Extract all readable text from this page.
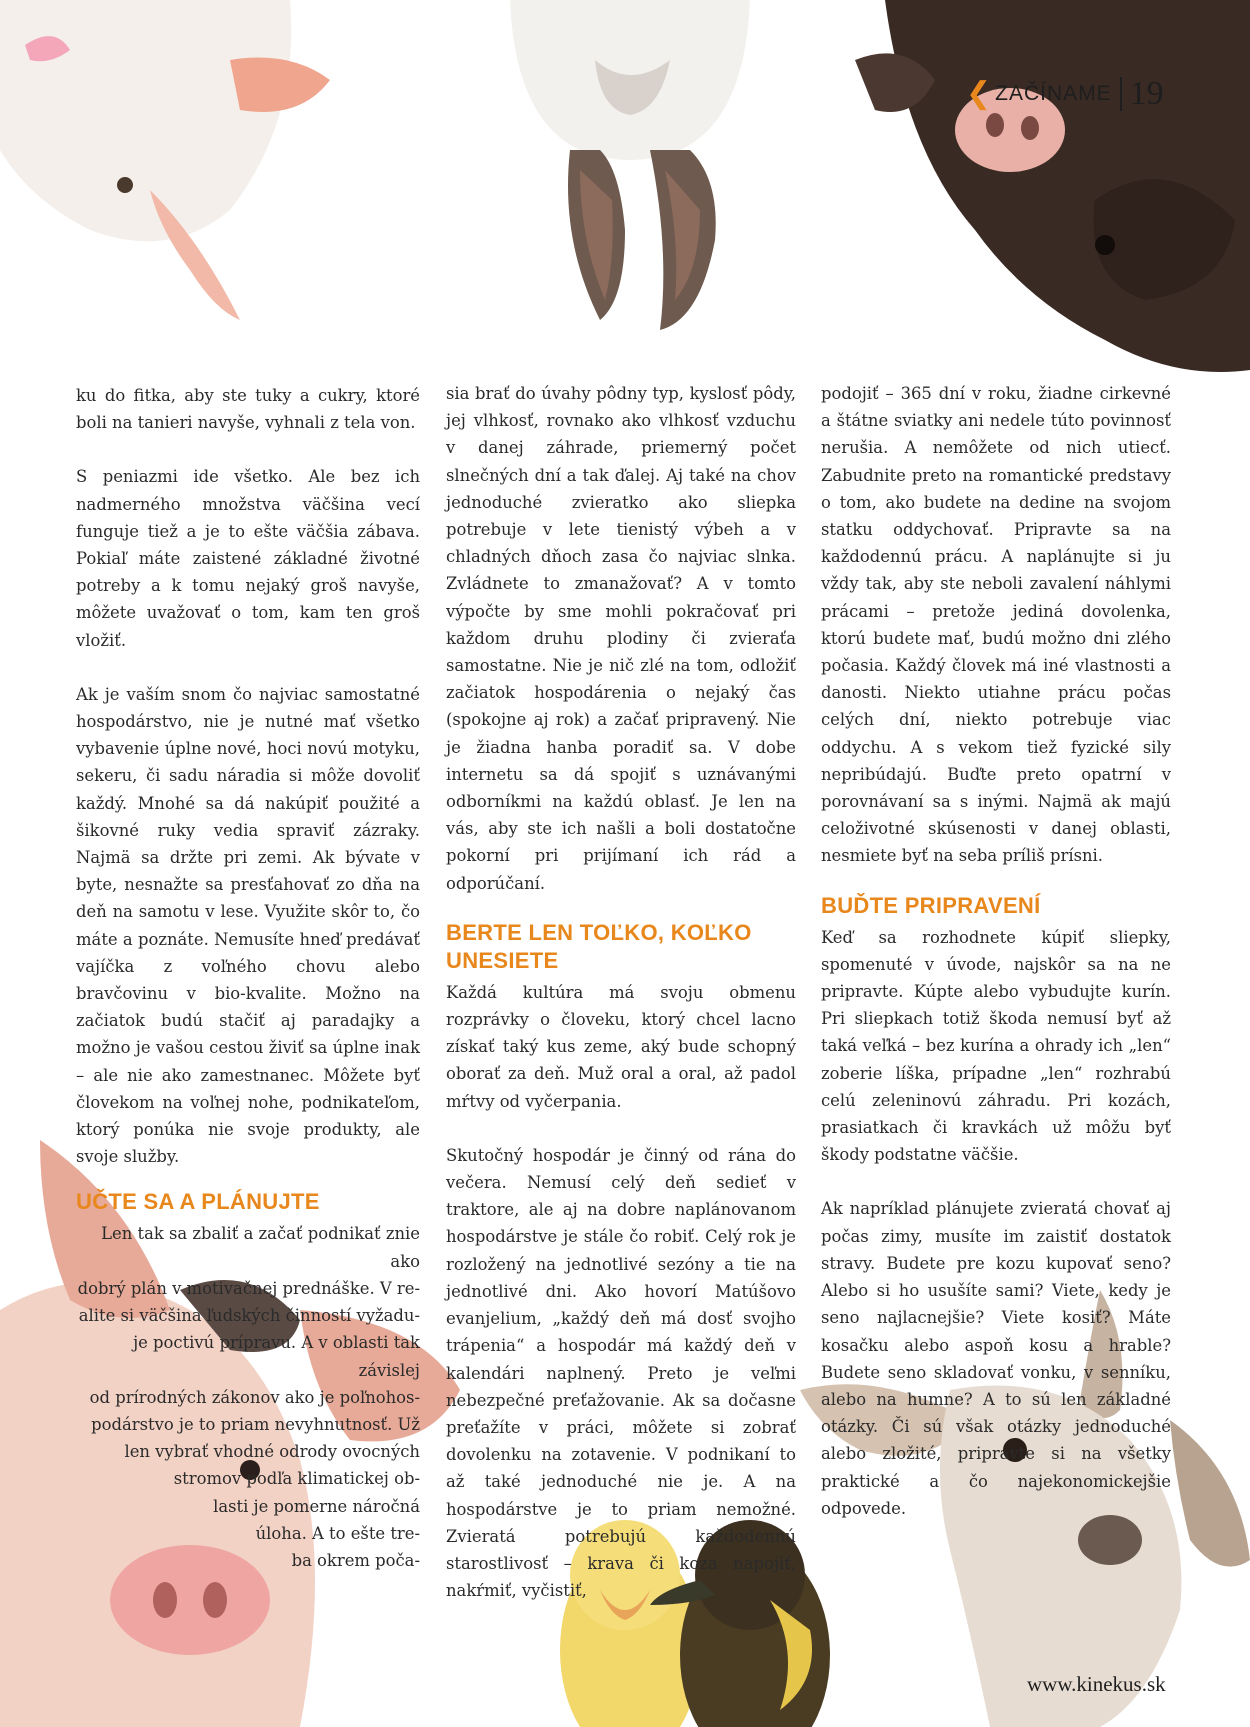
❮ ZAČÍNAME 19

ku do fitka, aby ste tuky a cukry, ktoré boli na tanieri navyše, vyhnali z tela von.

S peniazmi ide všetko. Ale bez ich nadmerného množstva väčšina vecí funguje tiež a je to ešte väčšia zábava. Pokiaľ máte zaistené základné životné potreby a k tomu nejaký groš navyše, môžete uvažovať o tom, kam ten groš vložiť.

Ak je vaším snom čo najviac samostatné hospodárstvo, nie je nutné mať všetko vybavenie úplne nové, hoci novú motyku, sekeru, či sadu náradia si môže dovoliť každý. Mnohé sa dá nakúpiť použité a šikovné ruky vedia spraviť zázraky. Najmä sa držte pri zemi. Ak bývate v byte, nesnažte sa presťahovať zo dňa na deň na samotu v lese. Využite skôr to, čo máte a poznáte. Nemusíte hneď predávať vajíčka z voľného chovu alebo bravčovinu v bio-kvalite. Možno na začiatok budú stačiť aj paradajky a možno je vašou cestou živiť sa úplne inak – ale nie ako zamestnanec. Môžete byť človekom na voľnej nohe, podnikateľom, ktorý ponúka nie svoje produkty, ale svoje služby.

UČTE SA A PLÁNUJTE
Len tak sa zbaliť a začať podnikať znie ako
dobrý plán v motivačnej prednáške. V re-
alite si väčšina ľudských činností vyžadu-
je poctivú prípravu. A v oblasti tak závislej
od prírodných zákonov ako je poľnohos-
podárstvo je to priam nevyhnutnosť. Už
len vybrať vhodné odrody ovocných
stromov podľa klimatickej ob-
lasti je pomerne náročná
úloha. A to ešte tre-
ba okrem poča-

sia brať do úvahy pôdny typ, kyslosť pôdy, jej vlhkosť, rovnako ako vlhkosť vzduchu v danej záhrade, priemerný počet slnečných dní a tak ďalej. Aj také na chov jednoduché zvieratko ako sliepka potrebuje v lete tienistý výbeh a v chladných dňoch zasa čo najviac slnka. Zvládnete to zmanažovať? A v tomto výpočte by sme mohli pokračovať pri každom druhu plodiny či zvieraťa samostatne. Nie je nič zlé na tom, odložiť začiatok hospodárenia o nejaký čas (spokojne aj rok) a začať pripravený. Nie je žiadna hanba poradiť sa. V dobe internetu sa dá spojiť s uznávanými odborníkmi na každú oblasť. Je len na vás, aby ste ich našli a boli dostatočne pokorní pri prijímaní ich rád a odporúčaní.

BERTE LEN TOĽKO, KOĽKO UNESIETE

Každá kultúra má svoju obmenu rozprávky o človeku, ktorý chcel lacno získať taký kus zeme, aký bude schopný oborať za deň. Muž oral a oral, až padol mŕtvy od vyčerpania.

Skutočný hospodár je činný od rána do večera. Nemusí celý deň sedieť v traktore, ale aj na dobre naplánovanom hospodárstve je stále čo robiť. Celý rok je rozložený na jednotlivé sezóny a tie na jednotlivé dni. Ako hovorí Matúšovo evanjelium, „každý deň má dosť svojho trápenia“ a hospodár má každý deň v kalendári naplnený. Preto je veľmi nebezpečné preťažovanie. Ak sa dočasne preťažíte v práci, môžete si zobrať dovolenku na zotavenie. V podnikaní to až také jednoduché nie je. A na hospodárstve je to priam nemožné. Zvieratá potrebujú každodennú starostlivosť – krava či koza napojiť, nakŕmiť, vyčistiť,

podojiť – 365 dní v roku, žiadne cirkevné a štátne sviatky ani nedele túto povinnosť nerušia. A nemôžete od nich utiecť. Zabudnite preto na romantické predstavy o tom, ako budete na dedine na svojom statku oddychovať. Pripravte sa na každodennú prácu. A naplánujte si ju vždy tak, aby ste neboli zavalení náhlymi prácami – pretože jediná dovolenka, ktorú budete mať, budú možno dni zlého počasia. Každý človek má iné vlastnosti a danosti. Niekto utiahne prácu počas celých dní, niekto potrebuje viac oddychu. A s vekom tiež fyzické sily nepribúdajú. Buďte preto opatrní v porovnávaní sa s inými. Najmä ak majú celoživotné skúsenosti v danej oblasti, nesmiete byť na seba príliš prísni.

BUĎTE PRIPRAVENÍ

Keď sa rozhodnete kúpiť sliepky, spomenuté v úvode, najskôr sa na ne pripravte. Kúpte alebo vybudujte kurín. Pri sliepkach totiž škoda nemusí byť až taká veľká – bez kurína a ohrady ich „len“ zoberie líška, prípadne „len“ rozhrabú celú zeleninovú záhradu. Pri kozách, prasiatkach či kravkách už môžu byť škody podstatne väčšie.

Ak napríklad plánujete zvieratá chovať aj počas zimy, musíte im zaistiť dostatok stravy. Budete pre kozu kupovať seno? Alebo si ho usušíte sami? Viete, kedy je seno najlacnejšie? Viete kosiť? Máte kosačku alebo aspoň kosu a hrable? Budete seno skladovať vonku, v senníku, alebo na humne? A to sú len základné otázky. Či sú však otázky jednoduché alebo zložité, pripravte si na všetky praktické a čo najekonomickejšie odpovede.

www.kinekus.sk
